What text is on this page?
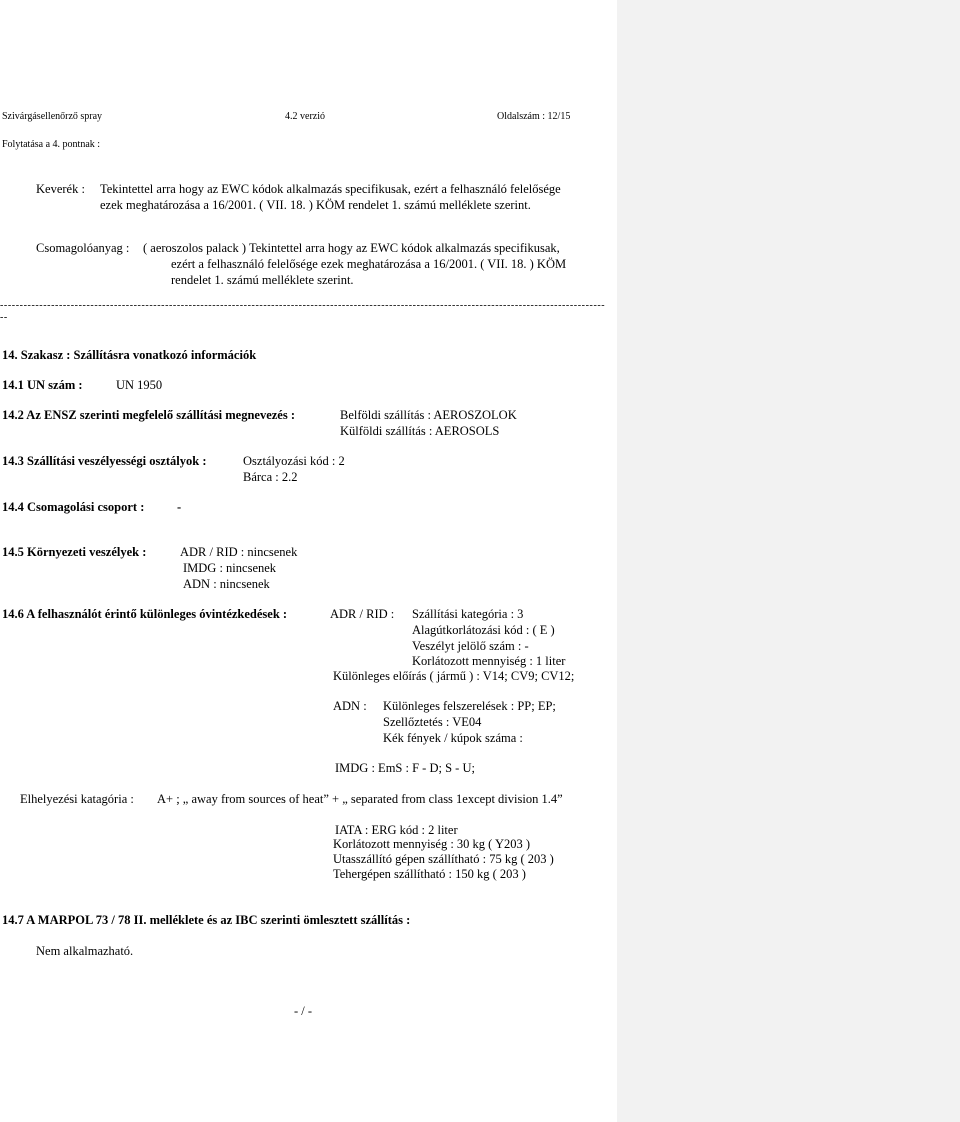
Szivárgásellenőrző spray	4.2 verzió	Oldalszám : 12/15
Folytatása a 4. pontnak :
Keverék : Tekintettel arra hogy az EWC kódok alkalmazás specifikusak, ezért a felhasználó felelősége
ezek meghatározása a 16/2001. ( VII. 18. ) KÖM rendelet 1. számú melléklete szerint.
Csomagolóanyag : ( aeroszolos palack ) Tekintettel arra hogy az EWC kódok alkalmazás specifikusak,
ezért a felhasználó felelősége ezek meghatározása a 16/2001. ( VII. 18. ) KÖM
rendelet 1. számú melléklete szerint.
------------------------------------------------------------------------------------------------------------------------------------------------------------
14. Szakasz : Szállításra vonatkozó információk
14.1 UN szám :	UN 1950
14.2 Az ENSZ szerinti megfelelő szállítási megnevezés :	Belföldi szállítás : AEROSZOLOK
Külföldi szállítás : AEROSOLS
14.3 Szállítási veszélyességi osztályok :	Osztályozási kód : 2
Bárca : 2.2
14.4 Csomagolási csoport :	-
14.5 Környezeti veszélyek :	ADR / RID : nincsenek
IMDG : nincsenek
ADN : nincsenek
14.6 A felhasználót érintő különleges óvintézkedések :	ADR / RID : Szállítási kategória : 3
Alagútkorlátozási kód : ( E )
Veszélyt jelölő szám : -
Korlátozott mennyiség : 1 liter
Különleges előírás ( jármű ) : V14; CV9; CV12;
ADN : Különleges felszerelések : PP; EP;
Szellőztetés : VE04
Kék fények / kúpok száma :
IMDG : EmS : F - D; S - U;
Elhelyezési katagória : A+ ; „ away from sources of heat” + „ separated from class 1except division 1.4”
IATA : ERG kód : 2 liter
Korlátozott mennyiség : 30 kg ( Y203 )
Utasszállító gépen szállítható : 75 kg ( 203 )
Tehergépen szállítható : 150 kg ( 203 )
14.7 A MARPOL 73 / 78 II. melléklete és az IBC szerinti ömlesztett szállítás :
Nem alkalmazható.
- / -
